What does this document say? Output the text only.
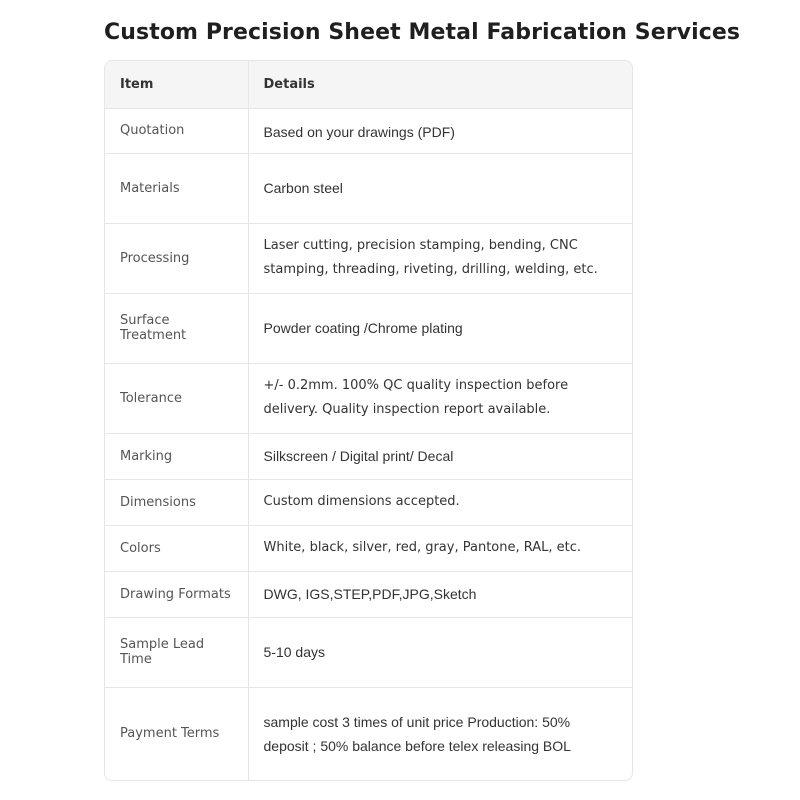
Custom Precision Sheet Metal Fabrication Services
Item	Details
Quotation	Based on your drawings (PDF)
Materials	Carbon steel
Processing	Laser cutting, precision stamping, bending, CNC stamping, threading, riveting, drilling, welding, etc.
Surface Treatment	Powder coating /Chrome plating
Tolerance	+/- 0.2mm. 100% QC quality inspection before delivery. Quality inspection report available.
Marking	Silkscreen / Digital print/ Decal
Dimensions	Custom dimensions accepted.
Colors	White, black, silver, red, gray, Pantone, RAL, etc.
Drawing Formats	DWG, IGS,STEP,PDF,JPG,Sketch
Sample Lead Time	5-10 days
Payment Terms	sample cost 3 times of unit price Production: 50% deposit ; 50% balance before telex releasing BOL
